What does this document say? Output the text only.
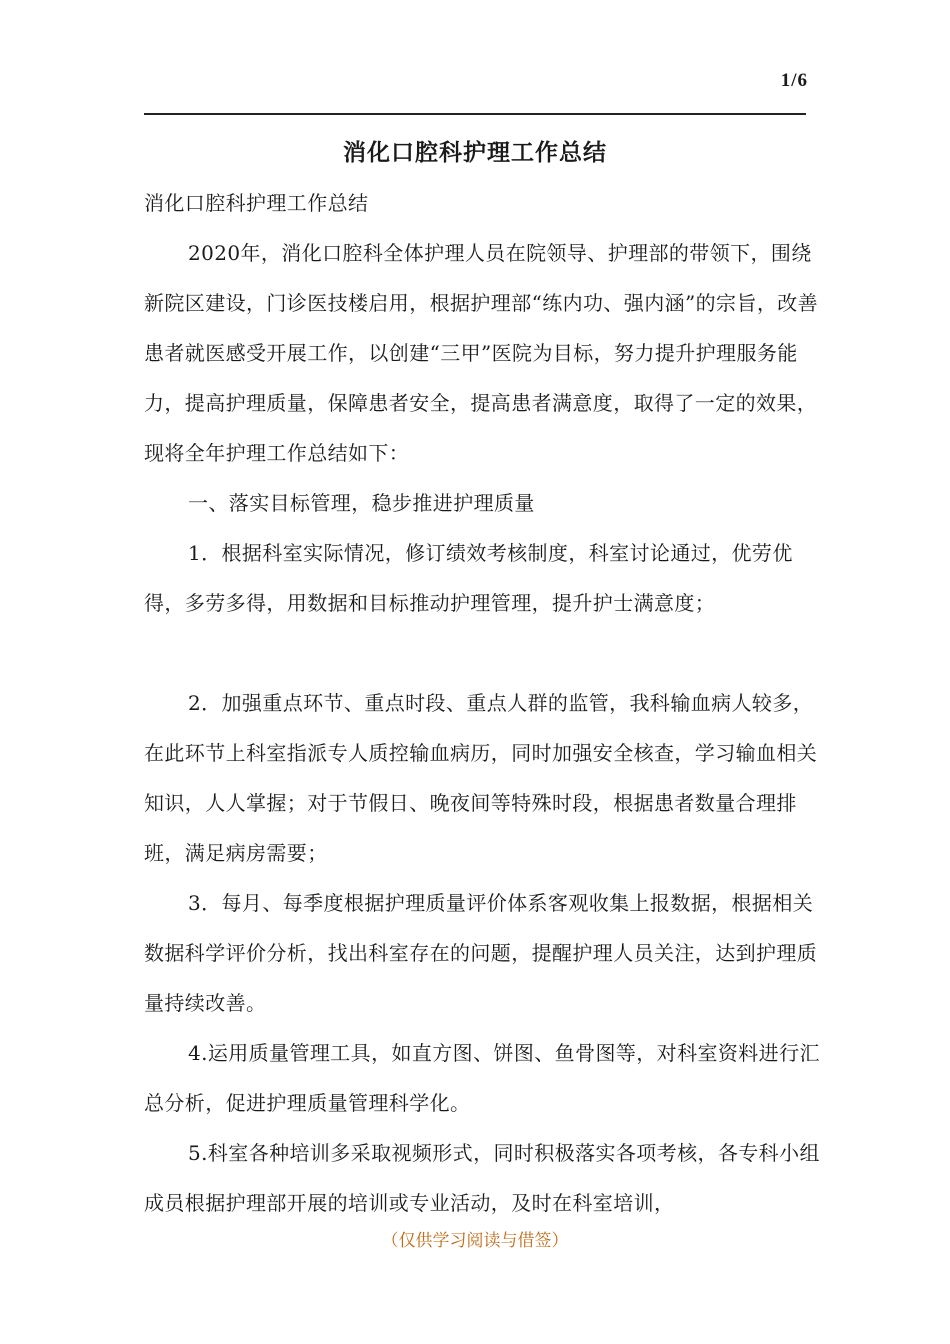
1/6
消化口腔科护理工作总结

消化口腔科护理工作总结

2020年，消化口腔科全体护理人员在院领导、护理部的带领下，围绕新院区建设，门诊医技楼启用，根据护理部“练内功、强内涵”的宗旨，改善患者就医感受开展工作，以创建“三甲”医院为目标，努力提升护理服务能力，提高护理质量，保障患者安全，提高患者满意度，取得了一定的效果，现将全年护理工作总结如下：

一、落实目标管理，稳步推进护理质量

1．根据科室实际情况，修订绩效考核制度，科室讨论通过，优劳优得，多劳多得，用数据和目标推动护理管理，提升护士满意度；

2．加强重点环节、重点时段、重点人群的监管，我科输血病人较多，在此环节上科室指派专人质控输血病历，同时加强安全核查，学习输血相关知识，人人掌握；对于节假日、晚夜间等特殊时段，根据患者数量合理排班，满足病房需要；

3．每月、每季度根据护理质量评价体系客观收集上报数据，根据相关数据科学评价分析，找出科室存在的问题，提醒护理人员关注，达到护理质量持续改善。

4.运用质量管理工具，如直方图、饼图、鱼骨图等，对科室资料进行汇总分析，促进护理质量管理科学化。

5.科室各种培训多采取视频形式，同时积极落实各项考核，各专科小组成员根据护理部开展的培训或专业活动，及时在科室培训，

（仅供学习阅读与借签）
